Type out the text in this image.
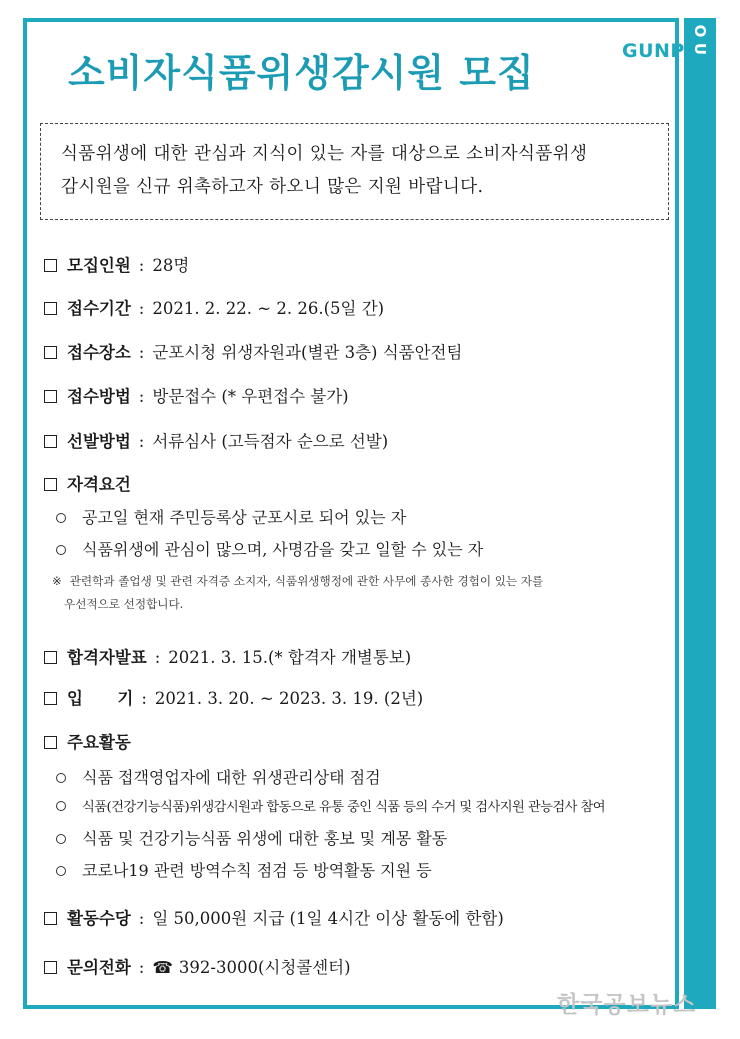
GUNP
O
U
소비자식품위생감시원 모집
식품위생에 대한 관심과 지식이 있는 자를 대상으로 소비자식품위생
감시원을 신규 위촉하고자 하오니 많은 지원 바랍니다.
모집인원 : 28명
접수기간 : 2021. 2. 22. ~ 2. 26.(5일 간)
접수장소 : 군포시청 위생자원과(별관 3층) 식품안전팀
접수방법 : 방문접수 (* 우편접수 불가)
선발방법 : 서류심사 (고득점자 순으로 선발)
자격요건
공고일 현재 주민등록상 군포시로 되어 있는 자
식품위생에 관심이 많으며, 사명감을 갖고 일할 수 있는 자
※ 관련학과 졸업생 및 관련 자격증 소지자, 식품위생행정에 관한 사무에 종사한 경험이 있는 자를
우선적으로 선정합니다.
합격자발표 : 2021. 3. 15.(* 합격자 개별통보)
입      기 : 2021. 3. 20. ~ 2023. 3. 19. (2년)
주요활동
식품 접객영업자에 대한 위생관리상태 점검
식품(건강기능식품)위생감시원과 합동으로 유통 중인 식품 등의 수거 및 검사지원 관능검사 참여
식품 및 건강기능식품 위생에 대한 홍보 및 계몽 활동
코로나19 관련 방역수칙 점검 등 방역활동 지원 등
활동수당 : 일 50,000원 지급 (1일 4시간 이상 활동에 한함)
문의전화 : ☎ 392-3000(시청콜센터)
한국공보뉴스
